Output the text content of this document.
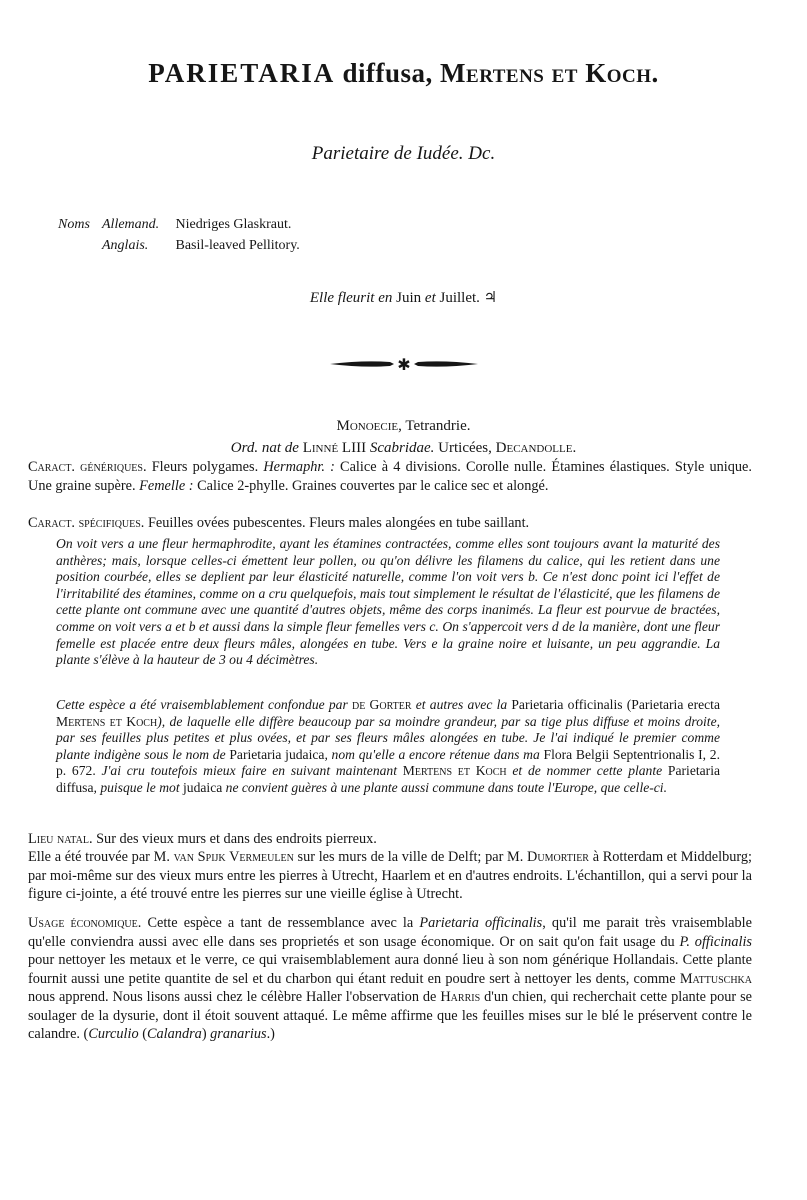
PARIETARIA diffusa, Mertens et Koch.
Parietaire de Iudée. Dc.
Noms Allemand. Niedriges Glaskraut.
Anglais. Basil-leaved Pellitory.
Elle fleurit en Juin et Juillet. ♃
✱
Monoecie, Tetrandrie.
Ord. nat de Linné LIII Scabridae. Urticées, Decandolle.
Caract. génériques. Fleurs polygames. Hermaphr. : Calice à 4 divisions. Corolle nulle. Étamines élastiques. Style unique. Une graine supère. Femelle : Calice 2-phylle. Graines couvertes par le calice sec et alongé.
Caract. spécifiques. Feuilles ovées pubescentes. Fleurs males alongées en tube saillant.
On voit vers a une fleur hermaphrodite, ayant les étamines contractées, comme elles sont toujours avant la maturité des anthères; mais, lorsque celles-ci émettent leur pollen, ou qu'on délivre les filamens du calice, qui les retient dans une position courbée, elles se deplient par leur élasticité naturelle, comme l'on voit vers b. Ce n'est donc point ici l'effet de l'irritabilité des étamines, comme on a cru quelquefois, mais tout simplement le résultat de l'élasticité, que les filamens de cette plante ont commune avec une quantité d'autres objets, même des corps inanimés. La fleur est pourvue de bractées, comme on voit vers a et b et aussi dans la simple fleur femelles vers c. On s'appercoit vers d de la manière, dont une fleur femelle est placée entre deux fleurs mâles, alongées en tube. Vers e la graine noire et luisante, un peu aggrandie. La plante s'élève à la hauteur de 3 ou 4 décimètres.
Cette espèce a été vraisemblablement confondue par de Gorter et autres avec la Parietaria officinalis (Parietaria erecta Mertens et Koch), de laquelle elle diffère beaucoup par sa moindre grandeur, par sa tige plus diffuse et moins droite, par ses feuilles plus petites et plus ovées, et par ses fleurs mâles alongées en tube. Je l'ai indiqué le premier comme plante indigène sous le nom de Parietaria judaica, nom qu'elle a encore rétenue dans ma Flora Belgii Septentrionalis I, 2. p. 672. J'ai cru toutefois mieux faire en suivant maintenant Mertens et Koch et de nommer cette plante Parietaria diffusa, puisque le mot judaica ne convient guères à une plante aussi commune dans toute l'Europe, que celle-ci.
Lieu natal. Sur des vieux murs et dans des endroits pierreux.
Elle a été trouvée par M. van Spijk Vermeulen sur les murs de la ville de Delft; par M. Dumortier à Rotterdam et Middelburg; par moi-même sur des vieux murs entre les pierres à Utrecht, Haarlem et en d'autres endroits. L'échantillon, qui a servi pour la figure ci-jointe, a été trouvé entre les pierres sur une vieille église à Utrecht.
Usage économique. Cette espèce a tant de ressemblance avec la Parietaria officinalis, qu'il me parait très vraisemblable qu'elle conviendra aussi avec elle dans ses proprietés et son usage économique. Or on sait qu'on fait usage du P. officinalis pour nettoyer les metaux et le verre, ce qui vraisemblablement aura donné lieu à son nom générique Hollandais. Cette plante fournit aussi une petite quantite de sel et du charbon qui étant reduit en poudre sert à nettoyer les dents, comme Mattuschka nous apprend. Nous lisons aussi chez le célèbre Haller l'observation de Harris d'un chien, qui recherchait cette plante pour se soulager de la dysurie, dont il étoit souvent attaqué. Le même affirme que les feuilles mises sur le blé le préservent contre le calandre. (Curculio (Calandra) granarius.)
